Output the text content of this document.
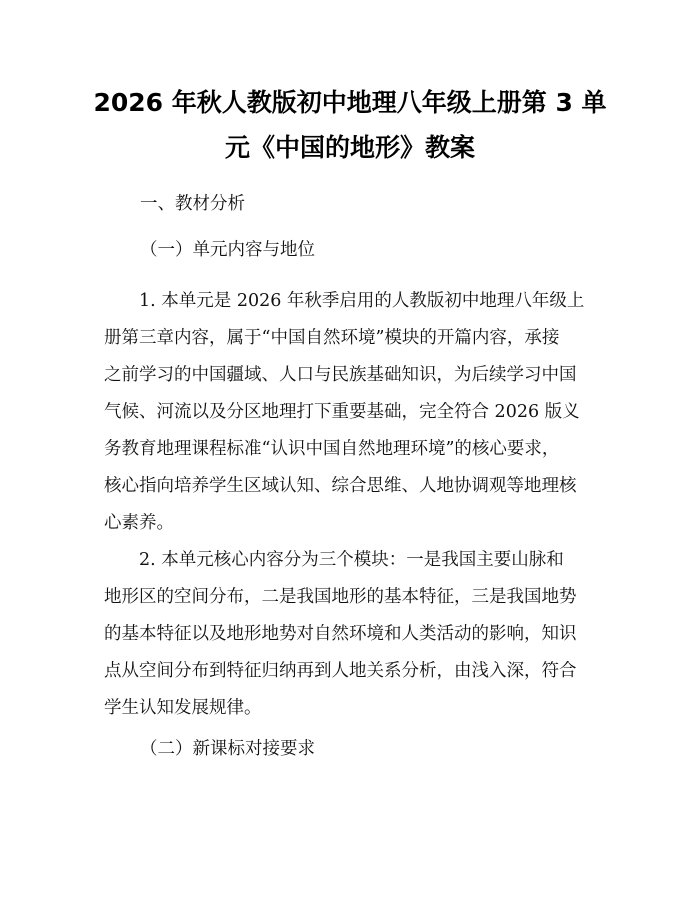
2026 年秋人教版初中地理八年级上册第 3 单
元《中国的地形》教案

一、教材分析

（一）单元内容与地位

1. 本单元是 2026 年秋季启用的人教版初中地理八年级上
册第三章内容，属于“中国自然环境”模块的开篇内容，承接
之前学习的中国疆域、人口与民族基础知识，为后续学习中国
气候、河流以及分区地理打下重要基础，完全符合 2026 版义
务教育地理课程标准“认识中国自然地理环境”的核心要求，
核心指向培养学生区域认知、综合思维、人地协调观等地理核
心素养。
2. 本单元核心内容分为三个模块：一是我国主要山脉和
地形区的空间分布，二是我国地形的基本特征，三是我国地势
的基本特征以及地形地势对自然环境和人类活动的影响，知识
点从空间分布到特征归纳再到人地关系分析，由浅入深，符合
学生认知发展规律。

（二）新课标对接要求
